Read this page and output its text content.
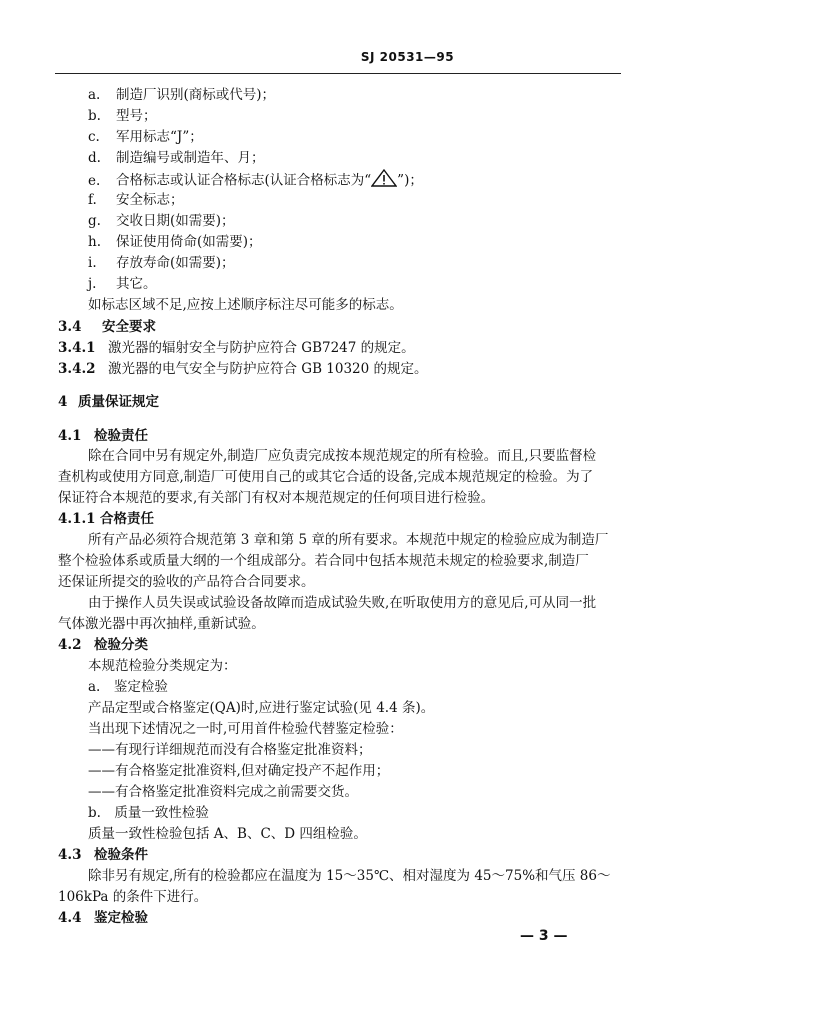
SJ 20531—95
a. 制造厂识别(商标或代号)；
b. 型号；
c. 军用标志“J”；
d. 制造编号或制造年、月；
e. 合格标志或认证合格标志(认证合格标志为“ ”)；
f. 安全标志；
g. 交收日期(如需要)；
h. 保证使用倚命(如需要)；
i. 存放寿命(如需要)；
j. 其它。
如标志区域不足,应按上述顺序标注尽可能多的标志。
3.4 安全要求
3.4.1 激光器的辐射安全与防护应符合 GB7247 的规定。
3.4.2 激光器的电气安全与防护应符合 GB 10320 的规定。
4 质量保证规定
4.1 检验责任
除在合同中另有规定外,制造厂应负责完成按本规范规定的所有检验。而且,只要监督检
查机构或使用方同意,制造厂可使用自己的或其它合适的设备,完成本规范规定的检验。为了
保证符合本规范的要求,有关部门有权对本规范规定的任何项目进行检验。
4.1.1 合格责任
所有产品必须符合规范第 3 章和第 5 章的所有要求。本规范中规定的检验应成为制造厂
整个检验体系或质量大纲的一个组成部分。若合同中包括本规范未规定的检验要求,制造厂
还保证所提交的验收的产品符合合同要求。
由于操作人员失误或试验设备故障而造成试验失败,在听取使用方的意见后,可从同一批
气体激光器中再次抽样,重新试验。
4.2 检验分类
本规范检验分类规定为：
a.　鉴定检验
产品定型或合格鉴定(QA)时,应进行鉴定试验(见 4.4 条)。
当出现下述情况之一时,可用首件检验代替鉴定检验：
——有现行详细规范而没有合格鉴定批准资料；
——有合格鉴定批准资料,但对确定投产不起作用；
——有合格鉴定批准资料完成之前需要交货。
b.　质量一致性检验
质量一致性检验包括 A、B、C、D 四组检验。
4.3 检验条件
除非另有规定,所有的检验都应在温度为 15～35℃、相对湿度为 45～75%和气压 86～
106kPa 的条件下进行。
4.4 鉴定检验
— 3 —
